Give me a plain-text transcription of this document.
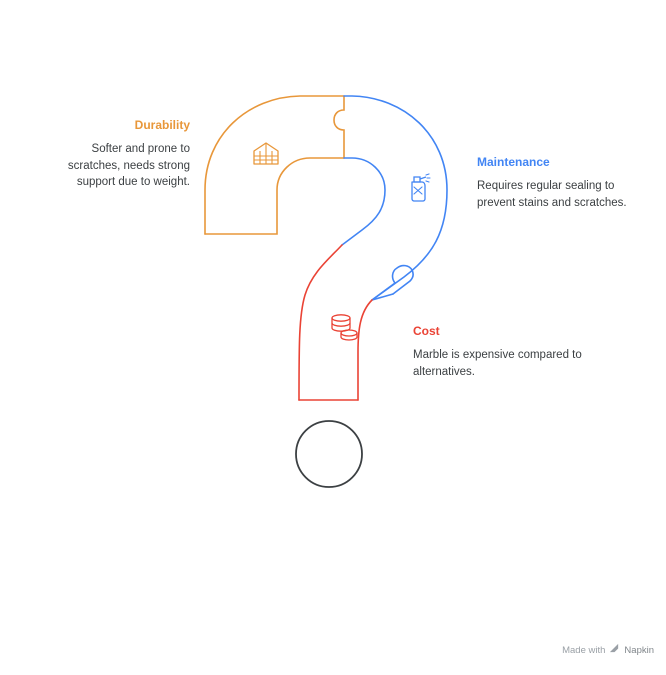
Durability
Softer and prone to scratches, needs strong support due to weight.
Maintenance
Requires regular sealing to prevent stains and scratches.
Cost
Marble is expensive compared to alternatives.
Made with Napkin
